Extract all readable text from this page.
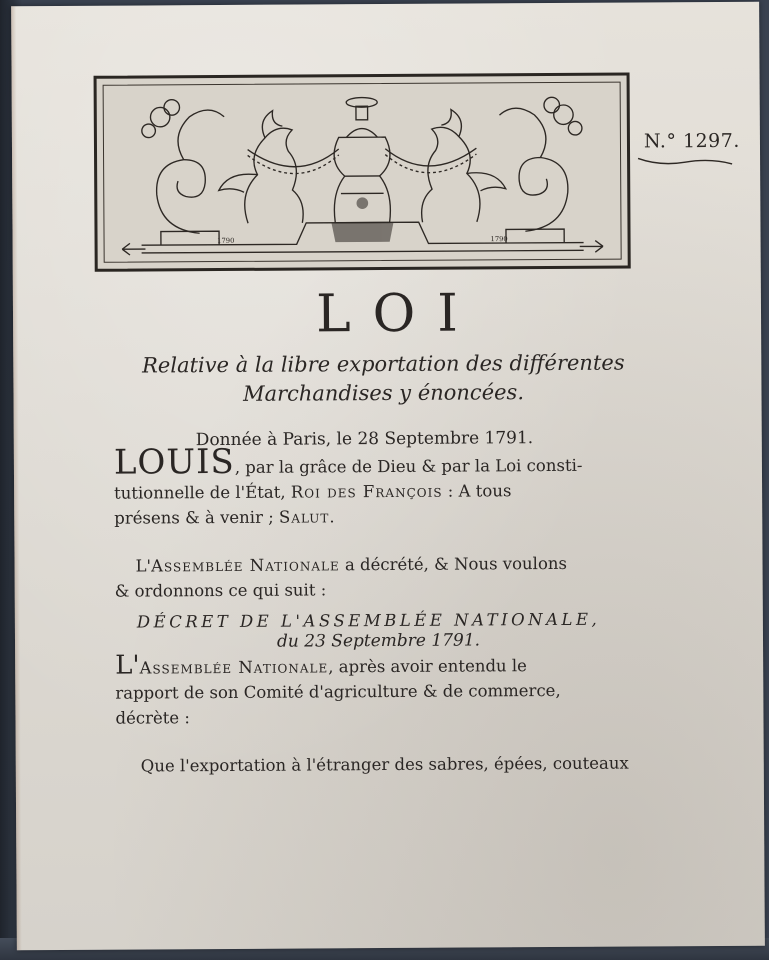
1790	1790
N.° 1297.
LOI
Relative à la libre exportation des différentes
Marchandises y énoncées.
Donnée à Paris, le 28 Septembre 1791.
LOUIS, par la grâce de Dieu & par la Loi consti-
tutionnelle de l'État, Roi des François : A tous
présens & à venir ; Salut.
L'Assemblée Nationale a décrété, & Nous voulons
& ordonnons ce qui suit :
DÉCRET DE L'ASSEMBLÉE NATIONALE,
du 23 Septembre 1791.
L'Assemblée Nationale, après avoir entendu le
rapport de son Comité d'agriculture & de commerce,
décrète :
Que l'exportation à l'étranger des sabres, épées, couteaux
